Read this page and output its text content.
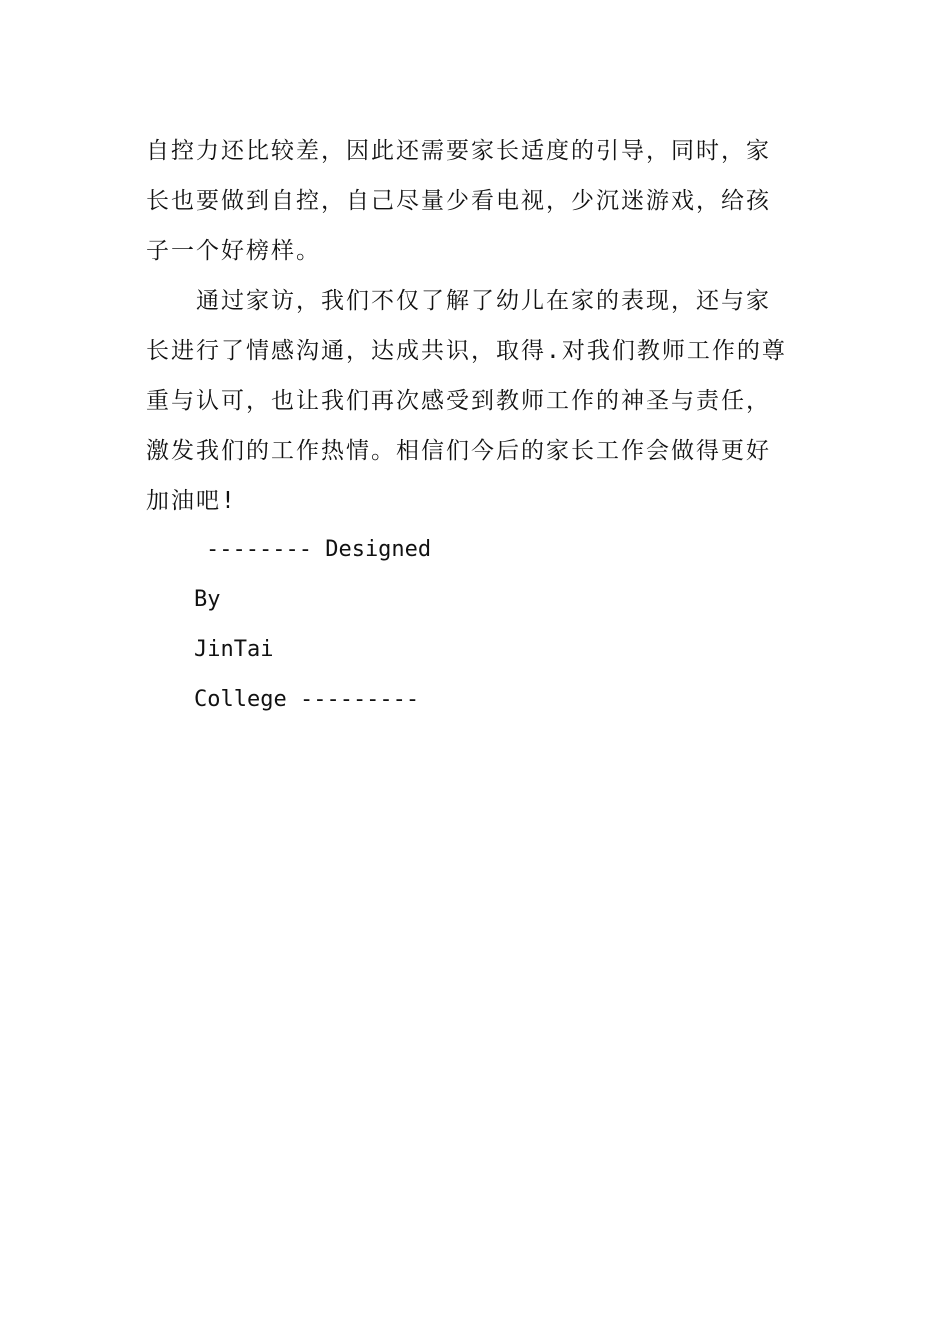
自控力还比较差，因此还需要家长适度的引导，同时，家
长也要做到自控，自己尽量少看电视，少沉迷游戏，给孩
子一个好榜样。
　　通过家访，我们不仅了解了幼儿在家的表现，还与家
长进行了情感沟通，达成共识，取得.对我们教师工作的尊
重与认可，也让我们再次感受到教师工作的神圣与责任，
激发我们的工作热情。相信们今后的家长工作会做得更好
加油吧!
-------- Designed
By
JinTai
College ---------
